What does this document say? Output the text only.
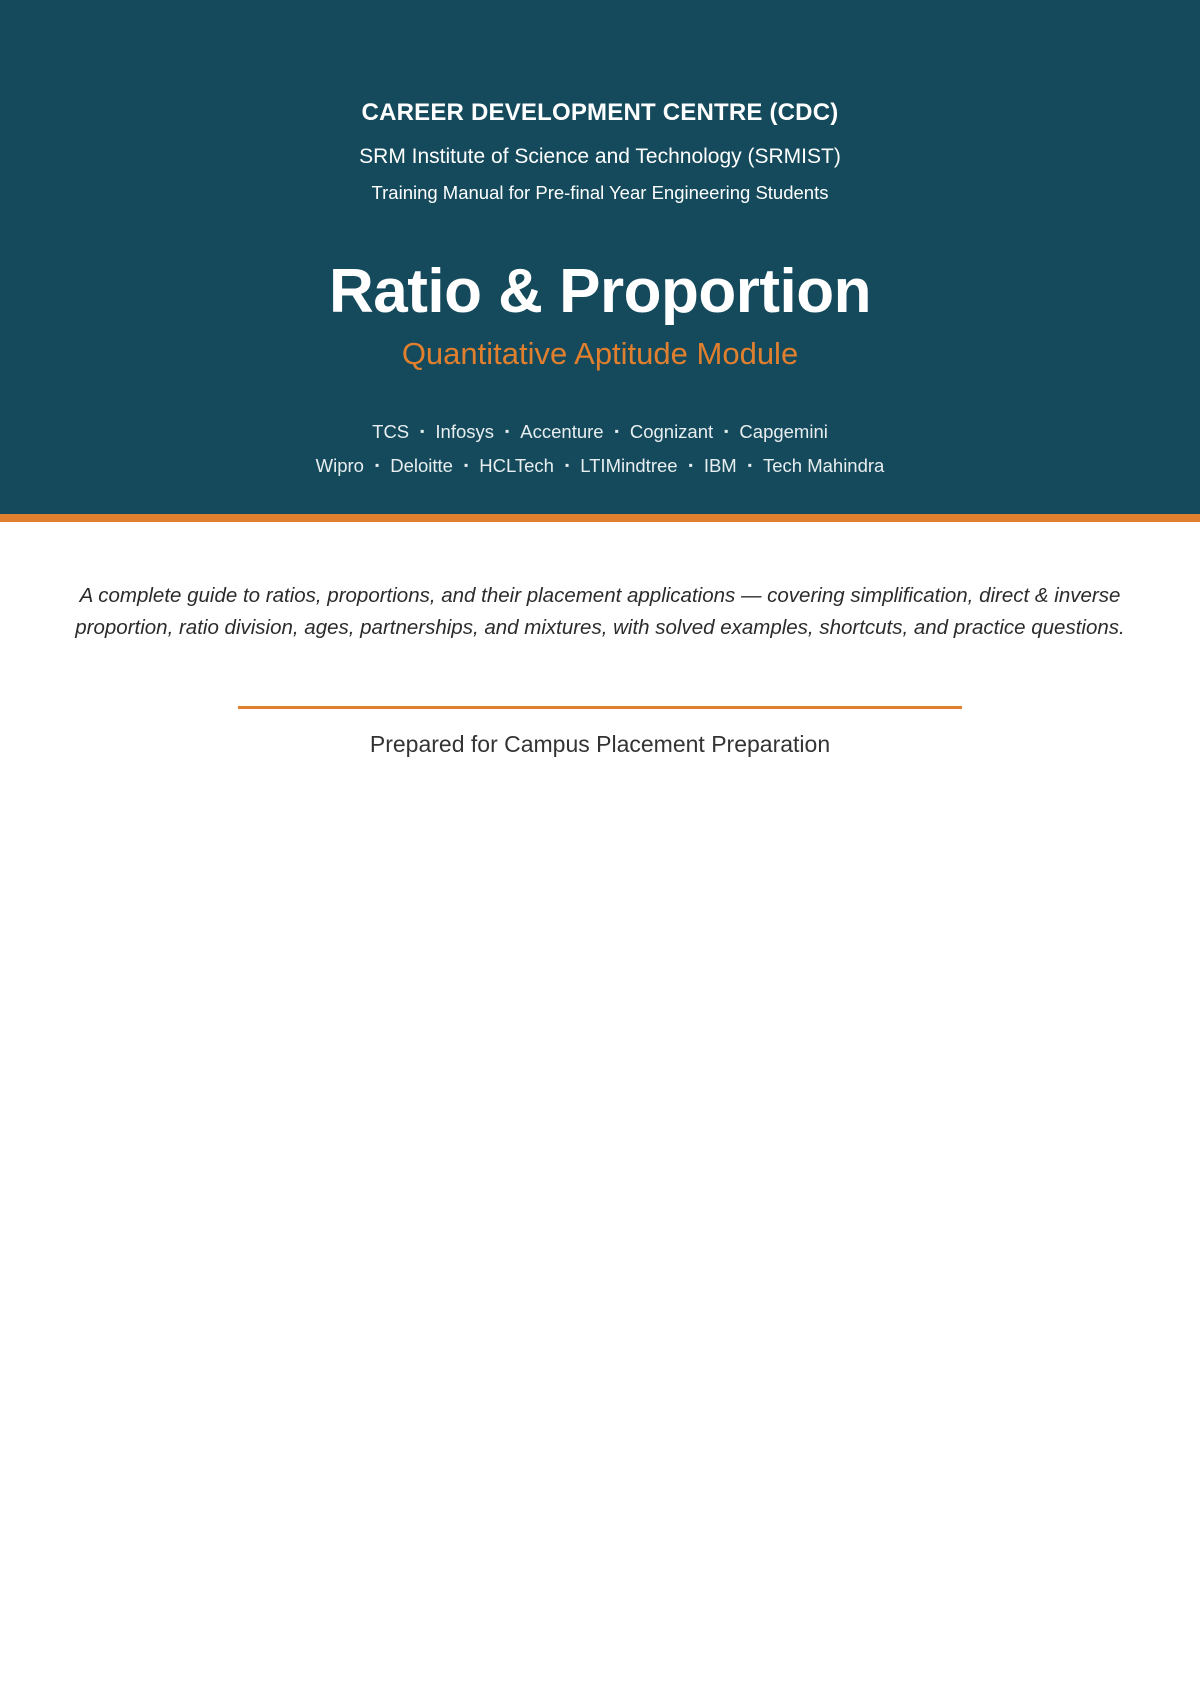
CAREER DEVELOPMENT CENTRE (CDC)
SRM Institute of Science and Technology (SRMIST)
Training Manual for Pre-final Year Engineering Students
Ratio & Proportion
Quantitative Aptitude Module
TCS ▪ Infosys ▪ Accenture ▪ Cognizant ▪ Capgemini
Wipro ▪ Deloitte ▪ HCLTech ▪ LTIMindtree ▪ IBM ▪ Tech Mahindra
A complete guide to ratios, proportions, and their placement applications — covering simplification, direct & inverse
proportion, ratio division, ages, partnerships, and mixtures, with solved examples, shortcuts, and practice questions.
Prepared for Campus Placement Preparation
